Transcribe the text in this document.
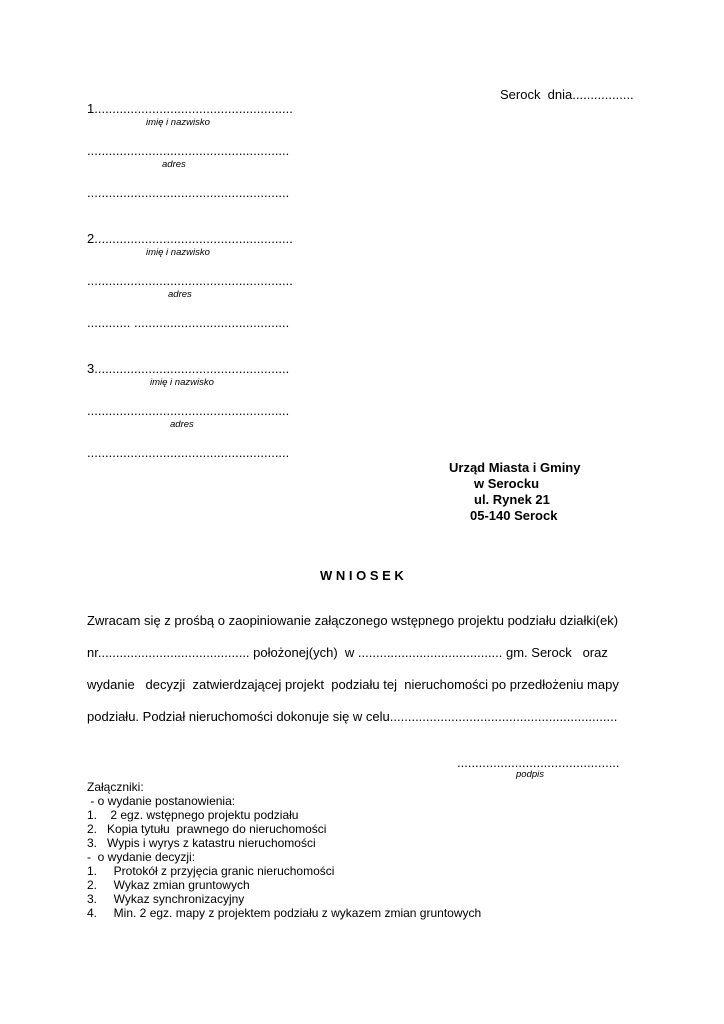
Serock  dnia.................
1.......................................................
imię i nazwisko
........................................................
adres
........................................................
2.......................................................
imię i nazwisko
.........................................................
adres
............ ...........................................
3......................................................
imię i nazwisko
........................................................
adres
........................................................
Urząd Miasta i Gminy
w Serocku
ul. Rynek 21
05-140 Serock
W N I O S E K
Zwracam się z prośbą o zaopiniowanie załączonego wstępnego projektu podziału działki(ek)
nr.......................................... położonej(ych)  w ........................................ gm. Serock   oraz
wydanie   decyzji  zatwierdzającej projekt  podziału tej  nieruchomości po przedłożeniu mapy
podziału. Podział nieruchomości dokonuje się w celu...............................................................
.............................................
podpis
Załączniki:
- o wydanie postanowienia:
1.    2 egz. wstępnego projektu podziału
2.   Kopia tytułu  prawnego do nieruchomości
3.   Wypis i wyrys z katastru nieruchomości
-  o wydanie decyzji:
1.     Protokół z przyjęcia granic nieruchomości
2.     Wykaz zmian gruntowych
3.     Wykaz synchronizacyjny
4.     Min. 2 egz. mapy z projektem podziału z wykazem zmian gruntowych
